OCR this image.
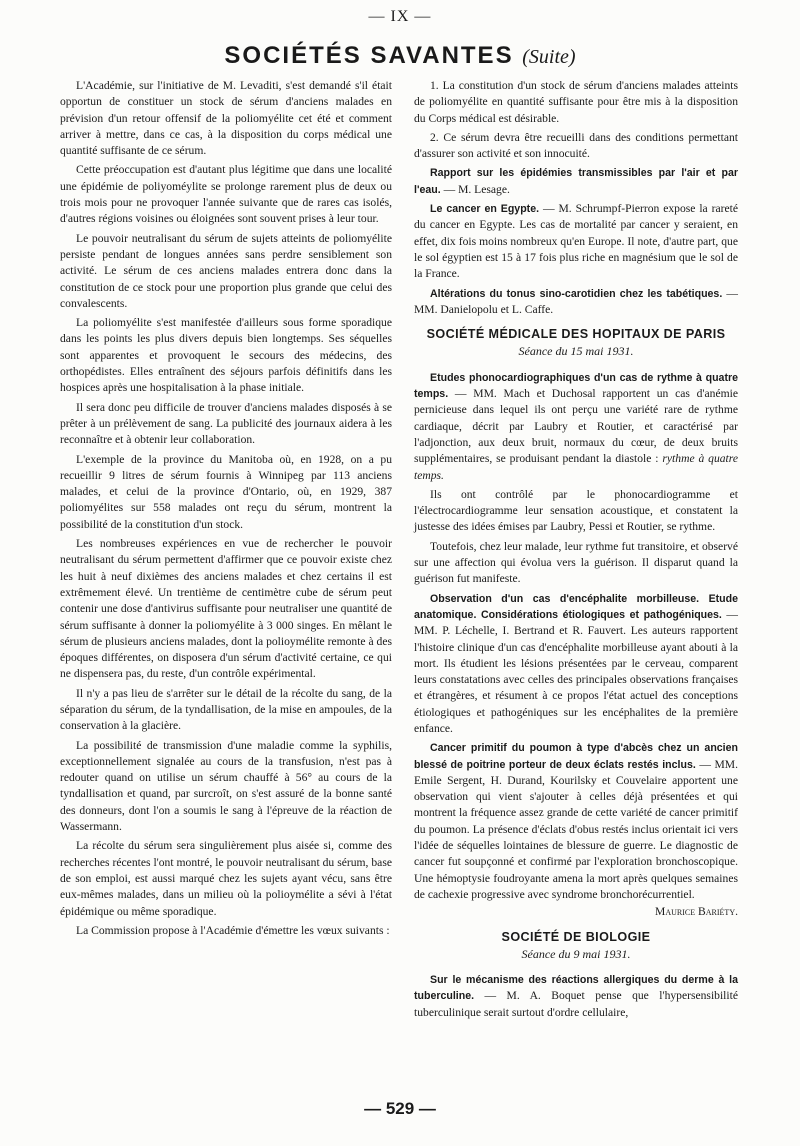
— IX —
SOCIÉTÉS SAVANTES (Suite)

L'Académie, sur l'initiative de M. Levaditi, s'est demandé s'il était opportun de constituer un stock de sérum d'anciens malades en prévision d'un retour offensif de la poliomyélite cet été et comment arriver à mettre, dans ce cas, à la disposition du corps médical une quantité suffisante de ce sérum.

Cette préoccupation est d'autant plus légitime que dans une localité une épidémie de poliyoméylite se prolonge rarement plus de deux ou trois mois pour ne provoquer l'année suivante que de rares cas isolés, d'autres régions voisines ou éloignées sont souvent prises à leur tour.

Le pouvoir neutralisant du sérum de sujets atteints de poliomyélite persiste pendant de longues années sans perdre sensiblement son activité. Le sérum de ces anciens malades entrera donc dans la constitution de ce stock pour une proportion plus grande que celui des convalescents.

La poliomyélite s'est manifestée d'ailleurs sous forme sporadique dans les points les plus divers depuis bien longtemps. Ses séquelles sont apparentes et provoquent le secours des médecins, des orthopédistes. Elles entraînent des séjours parfois définitifs dans les hospices après une hospitalisation à la phase initiale.

Il sera donc peu difficile de trouver d'anciens malades disposés à se prêter à un prélèvement de sang. La publicité des journaux aidera à les reconnaître et à obtenir leur collaboration.

L'exemple de la province du Manitoba où, en 1928, on a pu recueillir 9 litres de sérum fournis à Winnipeg par 113 anciens malades, et celui de la province d'Ontario, où, en 1929, 387 poliomyélites sur 558 malades ont reçu du sérum, montrent la possibilité de la constitution d'un stock.

Les nombreuses expériences en vue de rechercher le pouvoir neutralisant du sérum permettent d'affirmer que ce pouvoir existe chez les huit à neuf dixièmes des anciens malades et chez certains il est extrêmement élevé. Un trentième de centimètre cube de sérum peut contenir une dose d'antivirus suffisante pour neutraliser une quantité de sérum suffisante à donner la poliomyélite à 3 000 singes. En mêlant le sérum de plusieurs anciens malades, dont la polioymélite remonte à des époques différentes, on disposera d'un sérum d'activité certaine, ce qui ne dispensera pas, du reste, d'un contrôle expérimental.

Il n'y a pas lieu de s'arrêter sur le détail de la récolte du sang, de la séparation du sérum, de la tyndallisation, de la mise en ampoules, de la conservation à la glacière.

La possibilité de transmission d'une maladie comme la syphilis, exceptionnellement signalée au cours de la transfusion, n'est pas à redouter quand on utilise un sérum chauffé à 56° au cours de la tyndallisation et quand, par surcroît, on s'est assuré de la bonne santé des donneurs, dont l'on a soumis le sang à l'épreuve de la réaction de Wassermann.

La récolte du sérum sera singulièrement plus aisée si, comme des recherches récentes l'ont montré, le pouvoir neutralisant du sérum, base de son emploi, est aussi marqué chez les sujets ayant vécu, sans être eux-mêmes malades, dans un milieu où la polioymélite a sévi à l'état épidémique ou même sporadique.

La Commission propose à l'Académie d'émettre les vœux suivants :

1. La constitution d'un stock de sérum d'anciens malades atteints de poliomyélite en quantité suffisante pour être mis à la disposition du Corps médical est désirable.

2. Ce sérum devra être recueilli dans des conditions permettant d'assurer son activité et son innocuité.

Rapport sur les épidémies transmissibles par l'air et par l'eau. — M. Lesage.

Le cancer en Egypte. — M. Schrumpf-Pierron expose la rareté du cancer en Egypte. Les cas de mortalité par cancer y seraient, en effet, dix fois moins nombreux qu'en Europe. Il note, d'autre part, que le sol égyptien est 15 à 17 fois plus riche en magnésium que le sol de la France.

Altérations du tonus sino-carotidien chez les tabétiques. — MM. Danielopolu et L. Caffe.

SOCIÉTÉ MÉDICALE DES HOPITAUX DE PARIS
Séance du 15 mai 1931.

Etudes phonocardiographiques d'un cas de rythme à quatre temps. — MM. Mach et Duchosal rapportent un cas d'anémie pernicieuse dans lequel ils ont perçu une variété rare de rythme cardiaque, décrit par Laubry et Routier, et caractérisé par l'adjonction, aux deux bruit, normaux du cœur, de deux bruits supplémentaires, se produisant pendant la diastole : rythme à quatre temps.

Ils ont contrôlé par le phonocardiogramme et l'électrocardiogramme leur sensation acoustique, et constatent la justesse des idées émises par Laubry, Pessi et Routier, se rythme.

Toutefois, chez leur malade, leur rythme fut transitoire, et observé sur une affection qui évolua vers la guérison. Il disparut quand la guérison fut manifeste.

Observation d'un cas d'encéphalite morbilleuse. Etude anatomique. Considérations étiologiques et pathogéniques. — MM. P. Léchelle, I. Bertrand et R. Fauvert. Les auteurs rapportent l'histoire clinique d'un cas d'encéphalite morbilleuse ayant abouti à la mort. Ils étudient les lésions présentées par le cerveau, comparent leurs constatations avec celles des principales observations françaises et étrangères, et résument à ce propos l'état actuel des conceptions étiologiques et pathogéniques sur les encéphalites de la première enfance.

Cancer primitif du poumon à type d'abcès chez un ancien blessé de poitrine porteur de deux éclats restés inclus. — MM. Emile Sergent, H. Durand, Kourilsky et Couvelaire apportent une observation qui vient s'ajouter à celles déjà présentées et qui montrent la fréquence assez grande de cette variété de cancer primitif du poumon. La présence d'éclats d'obus restés inclus orientait ici vers l'idée de séquelles lointaines de blessure de guerre. Le diagnostic de cancer fut soupçonné et confirmé par l'exploration bronchoscopique. Une hémoptysie foudroyante amena la mort après quelques semaines de cachexie progressive avec syndrome bronchorécurrentiel.

Maurice Bariéty.
SOCIÉTÉ DE BIOLOGIE
Séance du 9 mai 1931.

Sur le mécanisme des réactions allergiques du derme à la tuberculine. — M. A. Boquet pense que l'hypersensibilité tuberculinique serait surtout d'ordre cellulaire,

— 529 —
